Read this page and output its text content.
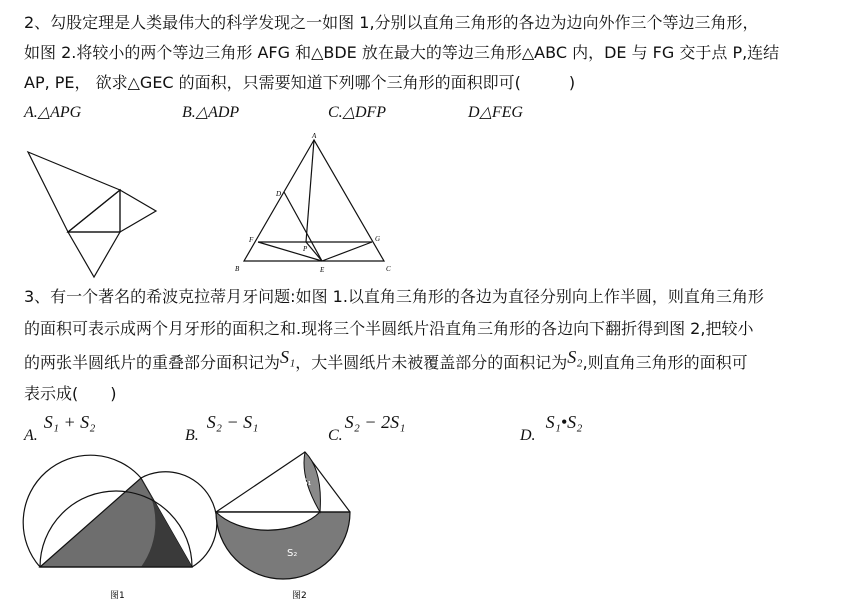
2、勾股定理是人类最伟大的科学发现之一如图 1,分别以直角三角形的各边为边向外作三个等边三角形，
如图 2.将较小的两个等边三角形 AFG 和△BDE 放在最大的等边三角形△ABC 内，DE 与 FG 交于点 P,连结
AP, PE， 欲求△GEC 的面积，只需要知道下列哪个三角形的面积即可(　　　)
A.△APG	B.△ADP	C.△DFP	D△FEG
A
B	C
D
E
F	G
P
3、有一个著名的希波克拉蒂月牙问题:如图 1.以直角三角形的各边为直径分别向上作半圆，则直角三角形
的面积可表示成两个月牙形的面积之和.现将三个半圆纸片沿直角三角形的各边向下翻折得到图 2,把较小
的两张半圆纸片的重叠部分面积记为S₁，大半圆纸片未被覆盖部分的面积记为S₂,则直角三角形的面积可
表示成(　　)
A.S₁ + S₂
B.S₂ − S₁
C.S₂ − 2S₁
D.S₁•S₂
图1
S₁
S₂
图2
